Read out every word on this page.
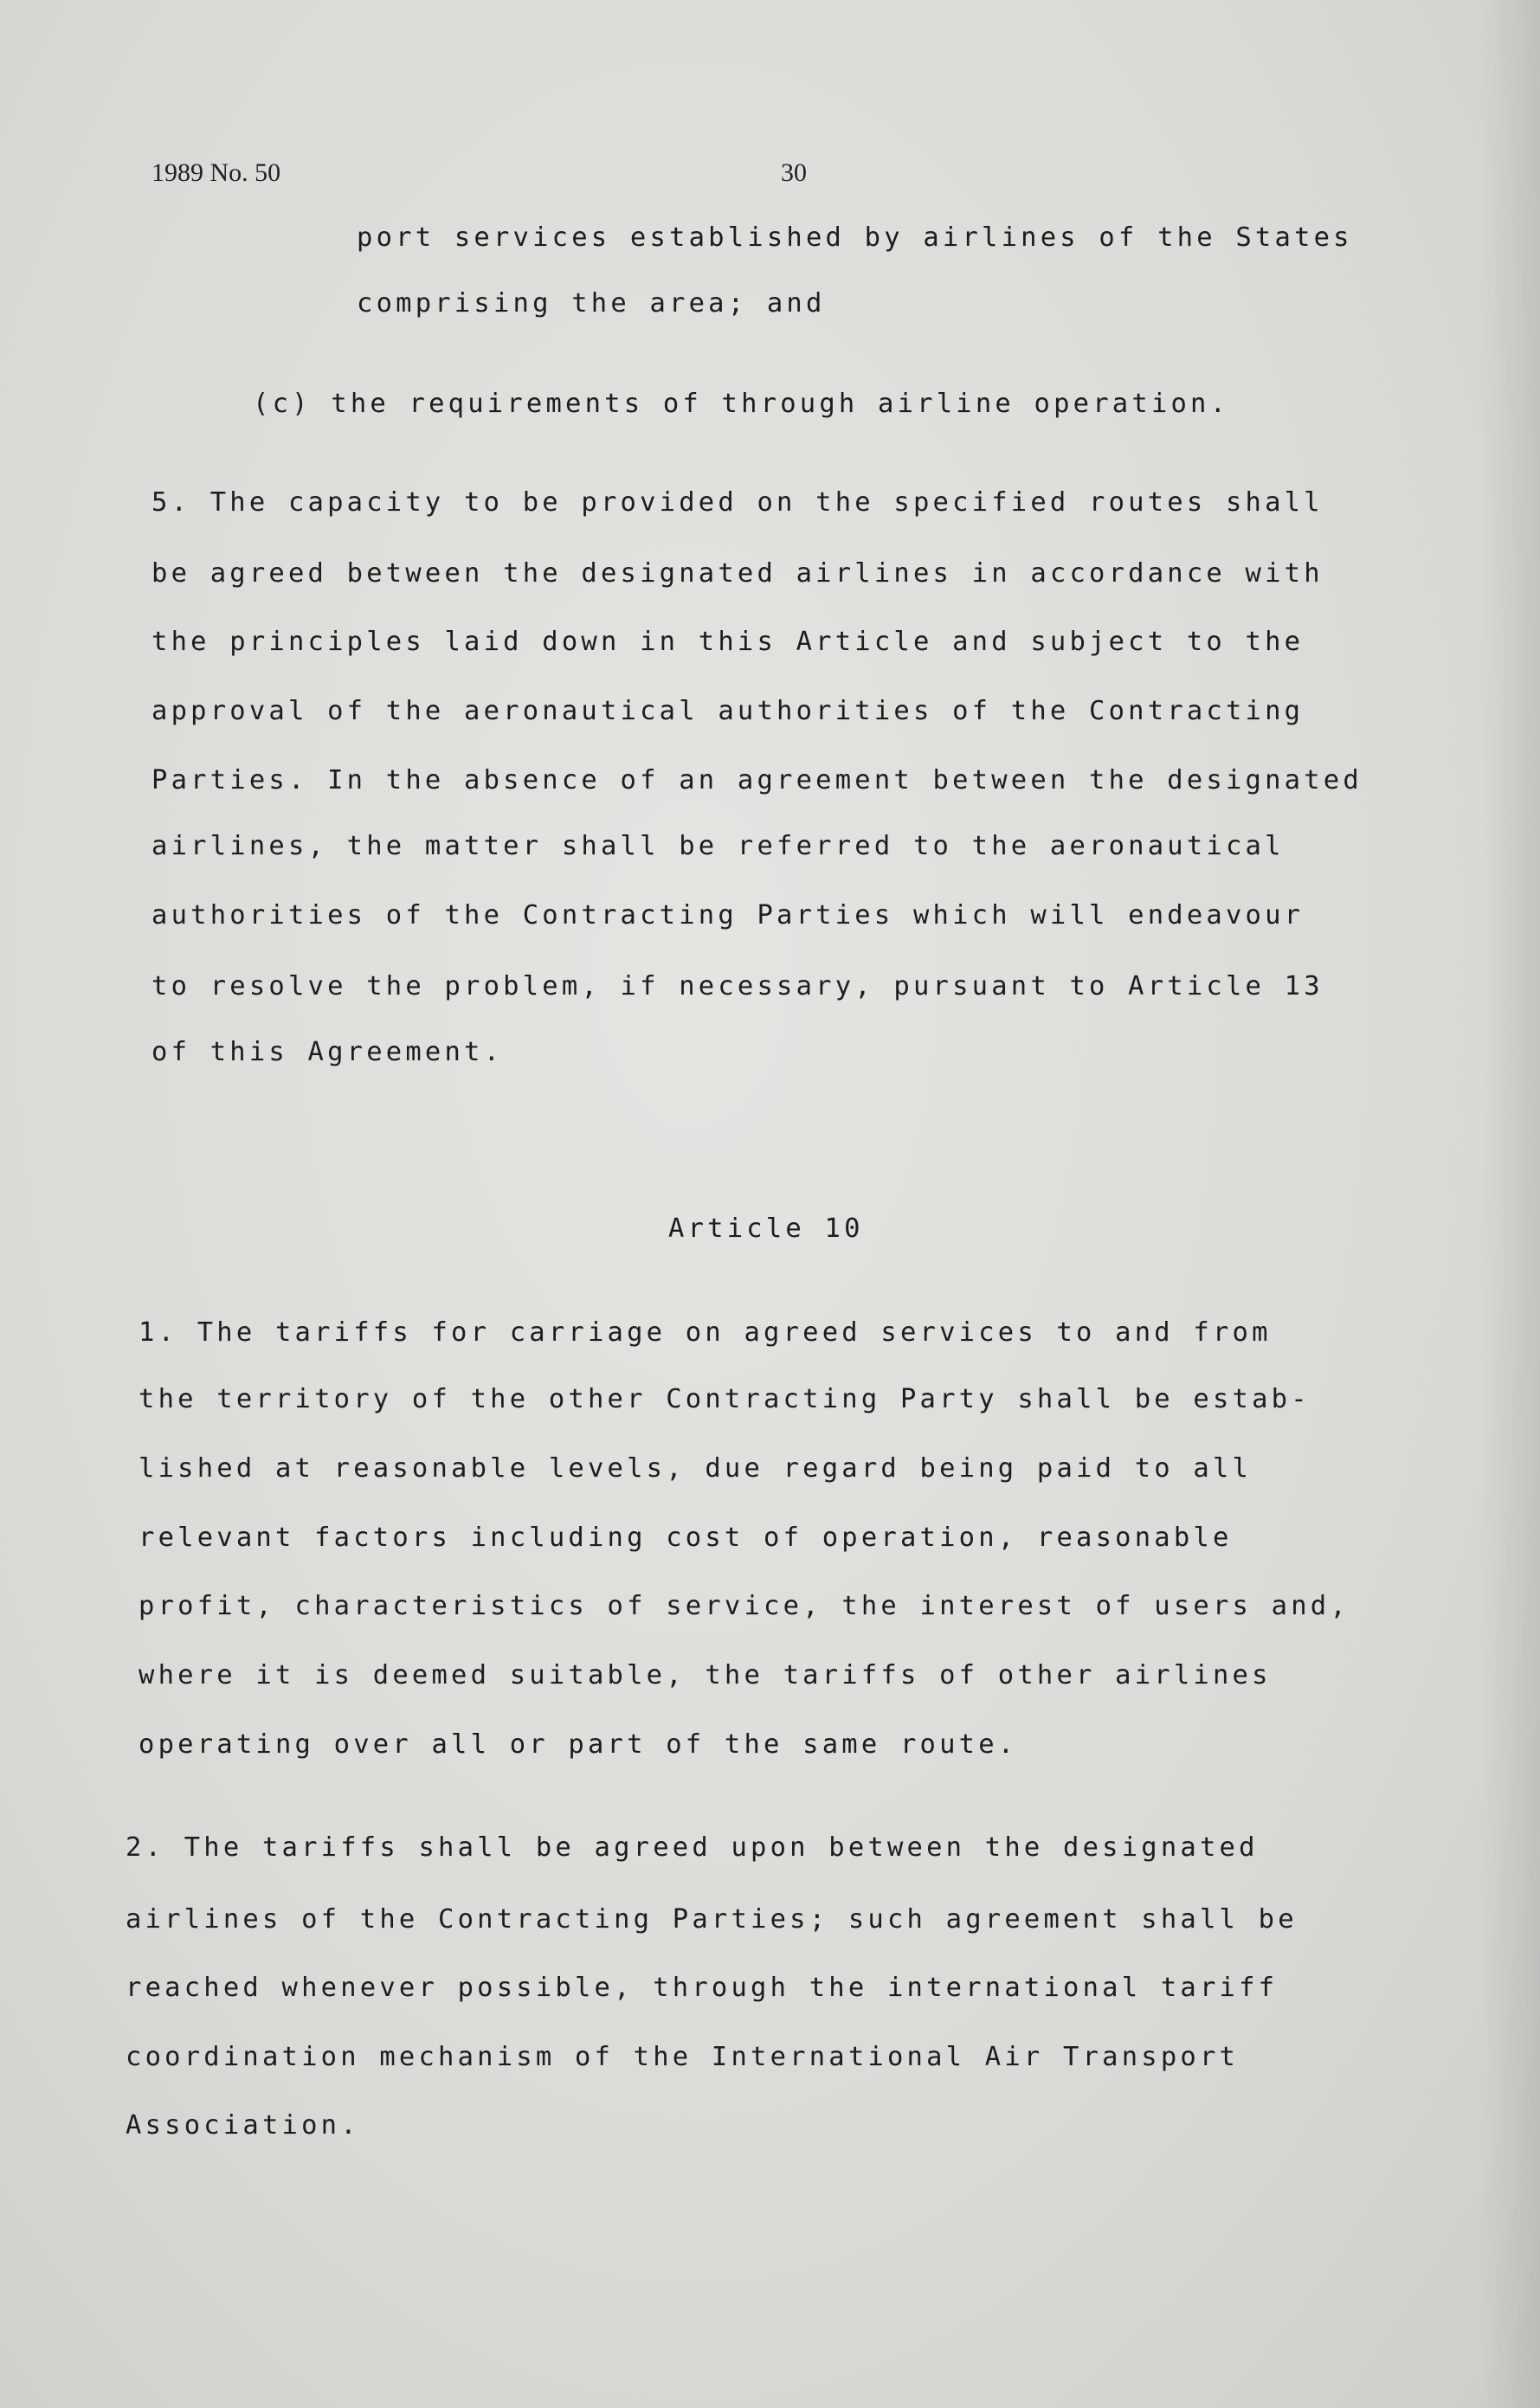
1989 No. 50	30
port services established by airlines of the States
comprising the area; and
(c) the requirements of through airline operation.
5. The capacity to be provided on the specified routes shall
be agreed between the designated airlines in accordance with
the principles laid down in this Article and subject to the
approval of the aeronautical authorities of the Contracting
Parties. In the absence of an agreement between the designated
airlines, the matter shall be referred to the aeronautical
authorities of the Contracting Parties which will endeavour
to resolve the problem, if necessary, pursuant to Article 13
of this Agreement.
Article 10
1. The tariffs for carriage on agreed services to and from
the territory of the other Contracting Party shall be estab-
lished at reasonable levels, due regard being paid to all
relevant factors including cost of operation, reasonable
profit, characteristics of service, the interest of users and,
where it is deemed suitable, the tariffs of other airlines
operating over all or part of the same route.
2. The tariffs shall be agreed upon between the designated
airlines of the Contracting Parties; such agreement shall be
reached whenever possible, through the international tariff
coordination mechanism of the International Air Transport
Association.
